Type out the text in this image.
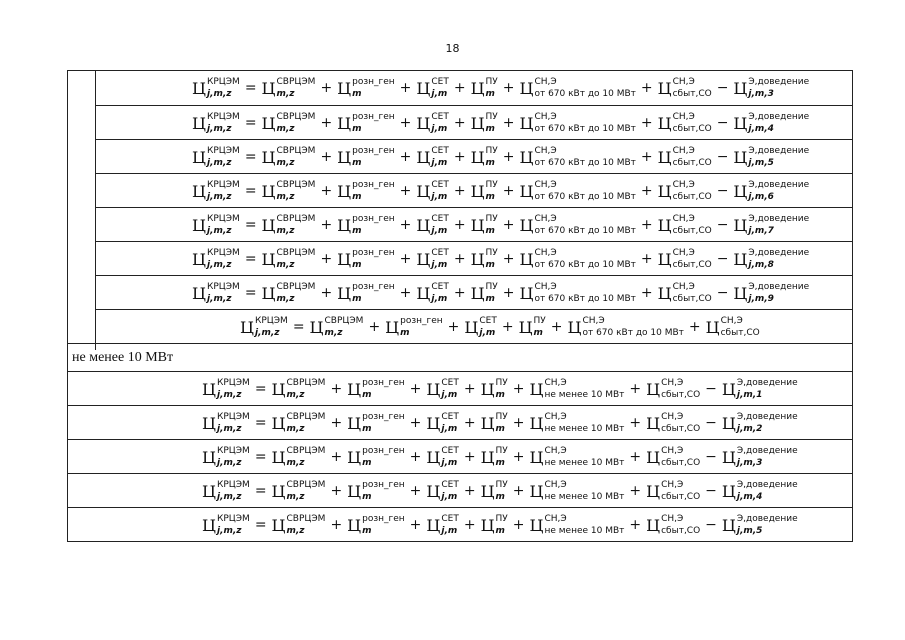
18
Ц КРЦЭМ
j,m,z = Ц СВРЦЭМ
m,z	+ Ц розн_ген
m	+ Ц СЕТ
j,m + Ц ПУ
m + Ц СН,Э
от 670 кВт до 10 МВт + Ц СН,Э
сбыт,СО − Ц Э,доведение
j,m,3
Ц КРЦЭМ
j,m,z = Ц СВРЦЭМ
m,z	+ Ц розн_ген
m	+ Ц СЕТ
j,m + Ц ПУ
m + Ц СН,Э
от 670 кВт до 10 МВт + Ц СН,Э
сбыт,СО − Ц Э,доведение
j,m,4
Ц КРЦЭМ
j,m,z = Ц СВРЦЭМ
m,z	+ Ц розн_ген
m	+ Ц СЕТ
j,m + Ц ПУ
m + Ц СН,Э
от 670 кВт до 10 МВт + Ц СН,Э
сбыт,СО − Ц Э,доведение
j,m,5
Ц КРЦЭМ
j,m,z = Ц СВРЦЭМ
m,z	+ Ц розн_ген
m	+ Ц СЕТ
j,m + Ц ПУ
m + Ц СН,Э
от 670 кВт до 10 МВт + Ц СН,Э
сбыт,СО − Ц Э,доведение
j,m,6
Ц КРЦЭМ
j,m,z = Ц СВРЦЭМ
m,z	+ Ц розн_ген
m	+ Ц СЕТ
j,m + Ц ПУ
m + Ц СН,Э
от 670 кВт до 10 МВт + Ц СН,Э
сбыт,СО − Ц Э,доведение
j,m,7
Ц КРЦЭМ
j,m,z = Ц СВРЦЭМ
m,z	+ Ц розн_ген
m	+ Ц СЕТ
j,m + Ц ПУ
m + Ц СН,Э
от 670 кВт до 10 МВт + Ц СН,Э
сбыт,СО − Ц Э,доведение
j,m,8
Ц КРЦЭМ
j,m,z = Ц СВРЦЭМ
m,z	+ Ц розн_ген
m	+ Ц СЕТ
j,m + Ц ПУ
m + Ц СН,Э
от 670 кВт до 10 МВт + Ц СН,Э
сбыт,СО − Ц Э,доведение
j,m,9
Ц КРЦЭМ
j,m,z = Ц СВРЦЭМ
m,z	+ Ц розн_ген
m	+ Ц СЕТ
j,m + Ц ПУ
m + Ц СН,Э
от 670 кВт до 10 МВт + Ц СН,Э
сбыт,СО
не менее 10 МВт
Ц КРЦЭМ
j,m,z = Ц СВРЦЭМ
m,z	+ Ц розн_ген
m	+ Ц СЕТ
j,m + Ц ПУ
m + Ц СН,Э
не менее 10 МВт + Ц СН,Э
сбыт,СО − Ц Э,доведение
j,m,1
Ц КРЦЭМ
j,m,z = Ц СВРЦЭМ
m,z	+ Ц розн_ген
m	+ Ц СЕТ
j,m + Ц ПУ
m + Ц СН,Э
не менее 10 МВт + Ц СН,Э
сбыт,СО − Ц Э,доведение
j,m,2
Ц КРЦЭМ
j,m,z = Ц СВРЦЭМ
m,z	+ Ц розн_ген
m	+ Ц СЕТ
j,m + Ц ПУ
m + Ц СН,Э
не менее 10 МВт + Ц СН,Э
сбыт,СО − Ц Э,доведение
j,m,3
Ц КРЦЭМ
j,m,z = Ц СВРЦЭМ
m,z	+ Ц розн_ген
m	+ Ц СЕТ
j,m + Ц ПУ
m + Ц СН,Э
не менее 10 МВт + Ц СН,Э
сбыт,СО − Ц Э,доведение
j,m,4
Ц КРЦЭМ
j,m,z = Ц СВРЦЭМ
m,z	+ Ц розн_ген
m	+ Ц СЕТ
j,m + Ц ПУ
m + Ц СН,Э
не менее 10 МВт + Ц СН,Э
сбыт,СО − Ц Э,доведение
j,m,5
